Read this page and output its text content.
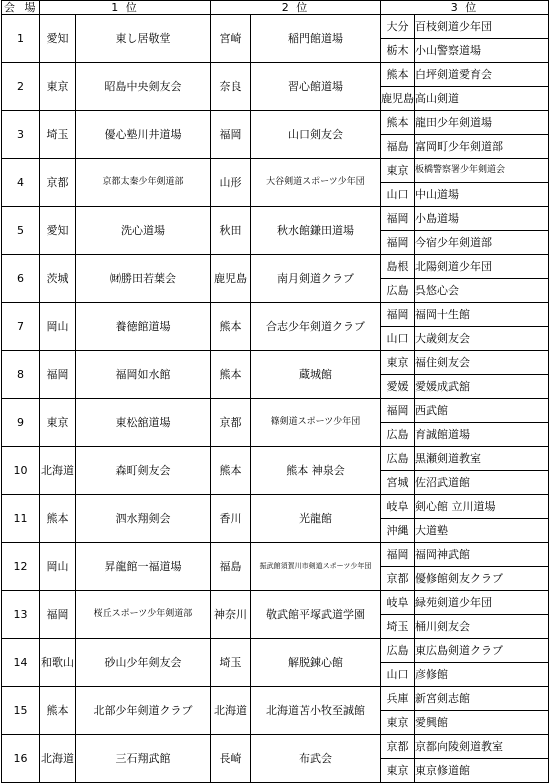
会 場	1 位		2 位		3 位	
1	愛知	東し居敬堂	宮崎	稲門館道場	大分	百枝剣道少年団
					栃木	小山警察道場
2	東京	昭島中央剣友会	奈良	習心館道場	熊本	白坪剣道愛育会
					鹿児島	高山剣道
3	埼玉	優心塾川井道場	福岡	山口剣友会	熊本	龍田少年剣道場
					福島	富岡町少年剣道部
4	京都	京都太秦少年剣道部	山形	大谷剣道スポーツ少年団	東京	板橋警察署少年剣道会
					山口	中山道場
5	愛知	洗心道場	秋田	秋水館鎌田道場	福岡	小島道場
					福岡	今宿少年剣道部
6	茨城	㈶勝田若葉会	鹿児島	南月剣道クラブ	島根	北陽剣道少年団
					広島	呉悠心会
7	岡山	養徳館道場	熊本	合志少年剣道クラブ	福岡	福岡十生館
					山口	大歳剣友会
8	福岡	福岡如水館	熊本	蔵城館	東京	福住剣友会
					愛媛	愛媛成武舘
9	東京	東松舘道場	京都	篠剣道スポーツ少年団	福岡	西武館
					広島	育誠館道場
10	北海道	森町剣友会	熊本	熊本 神泉会	広島	黒瀬剣道教室
					宮城	佐沼武道館
11	熊本	泗水翔剣会	香川	光龍館	岐阜	剣心館 立川道場
					沖縄	大道塾
12	岡山	昇龍館一福道場	福島	振武館須賀川市剣道スポーツ少年団	福岡	福岡神武館
					京都	優修館剣友クラブ
13	福岡	桜丘スポーツ少年剣道部	神奈川	敬武館平塚武道学園	岐阜	緑苑剣道少年団
					埼玉	桶川剣友会
14	和歌山	砂山少年剣友会	埼玉	解脱錬心館	広島	東広島剣道クラブ
					山口	彦修館
15	熊本	北部少年剣道クラブ	北海道	北海道苫小牧至誠館	兵庫	新宮剣志館
					東京	愛興館
16	北海道	三石翔武館	長崎	布武会	京都	京都向陵剣道教室
					東京	東京修道館
